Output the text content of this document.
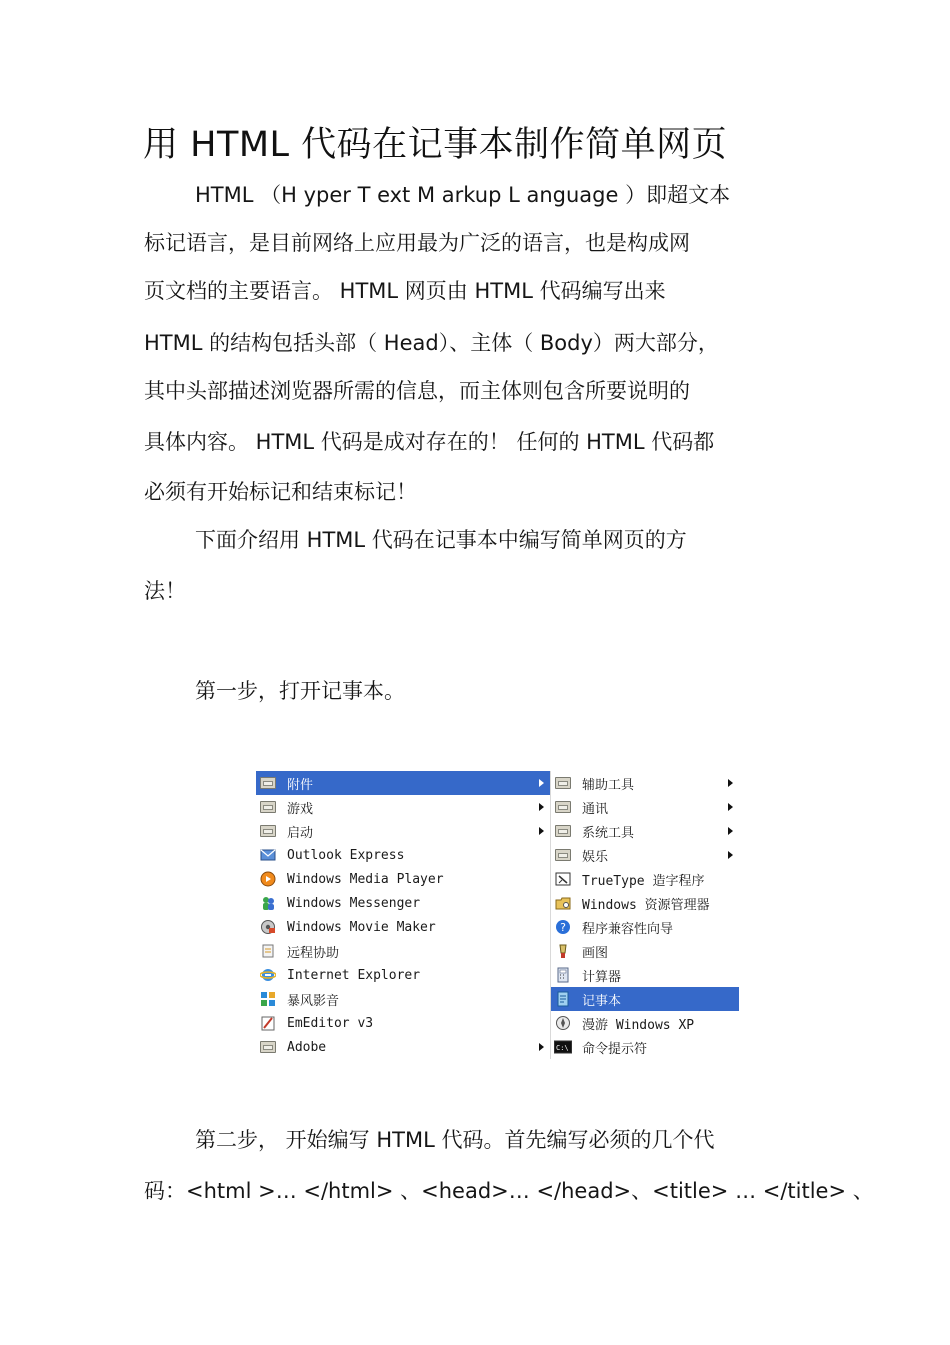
用 HTML 代码在记事本制作简单网页
HTML （H yper T ext M arkup L anguage ）即超文本
标记语言，是目前网络上应用最为广泛的语言，也是构成网
页文档的主要语言。 HTML 网页由 HTML 代码编写出来
HTML 的结构包括头部（ Head）、主体（ Body）两大部分，
其中头部描述浏览器所需的信息，而主体则包含所要说明的
具体内容。 HTML 代码是成对存在的！ 任何的 HTML 代码都
必须有开始标记和结束标记！
下面介绍用 HTML 代码在记事本中编写简单网页的方
法！
第一步，打开记事本。
附件
游戏
启动
Outlook Express
Windows Media Player
Windows Messenger
Windows Movie Maker
远程协助
Internet Explorer
暴风影音
EmEditor v3
Adobe
辅助工具
通讯
系统工具
娱乐
TrueType 造字程序
Windows 资源管理器
? 程序兼容性向导
画图
计算器
记事本
漫游 Windows XP
C:\ 命令提示符
第二步， 开始编写 HTML 代码。首先编写必须的几个代
码：<html >… </html> 、<head>… </head>、<title> … </title> 、
